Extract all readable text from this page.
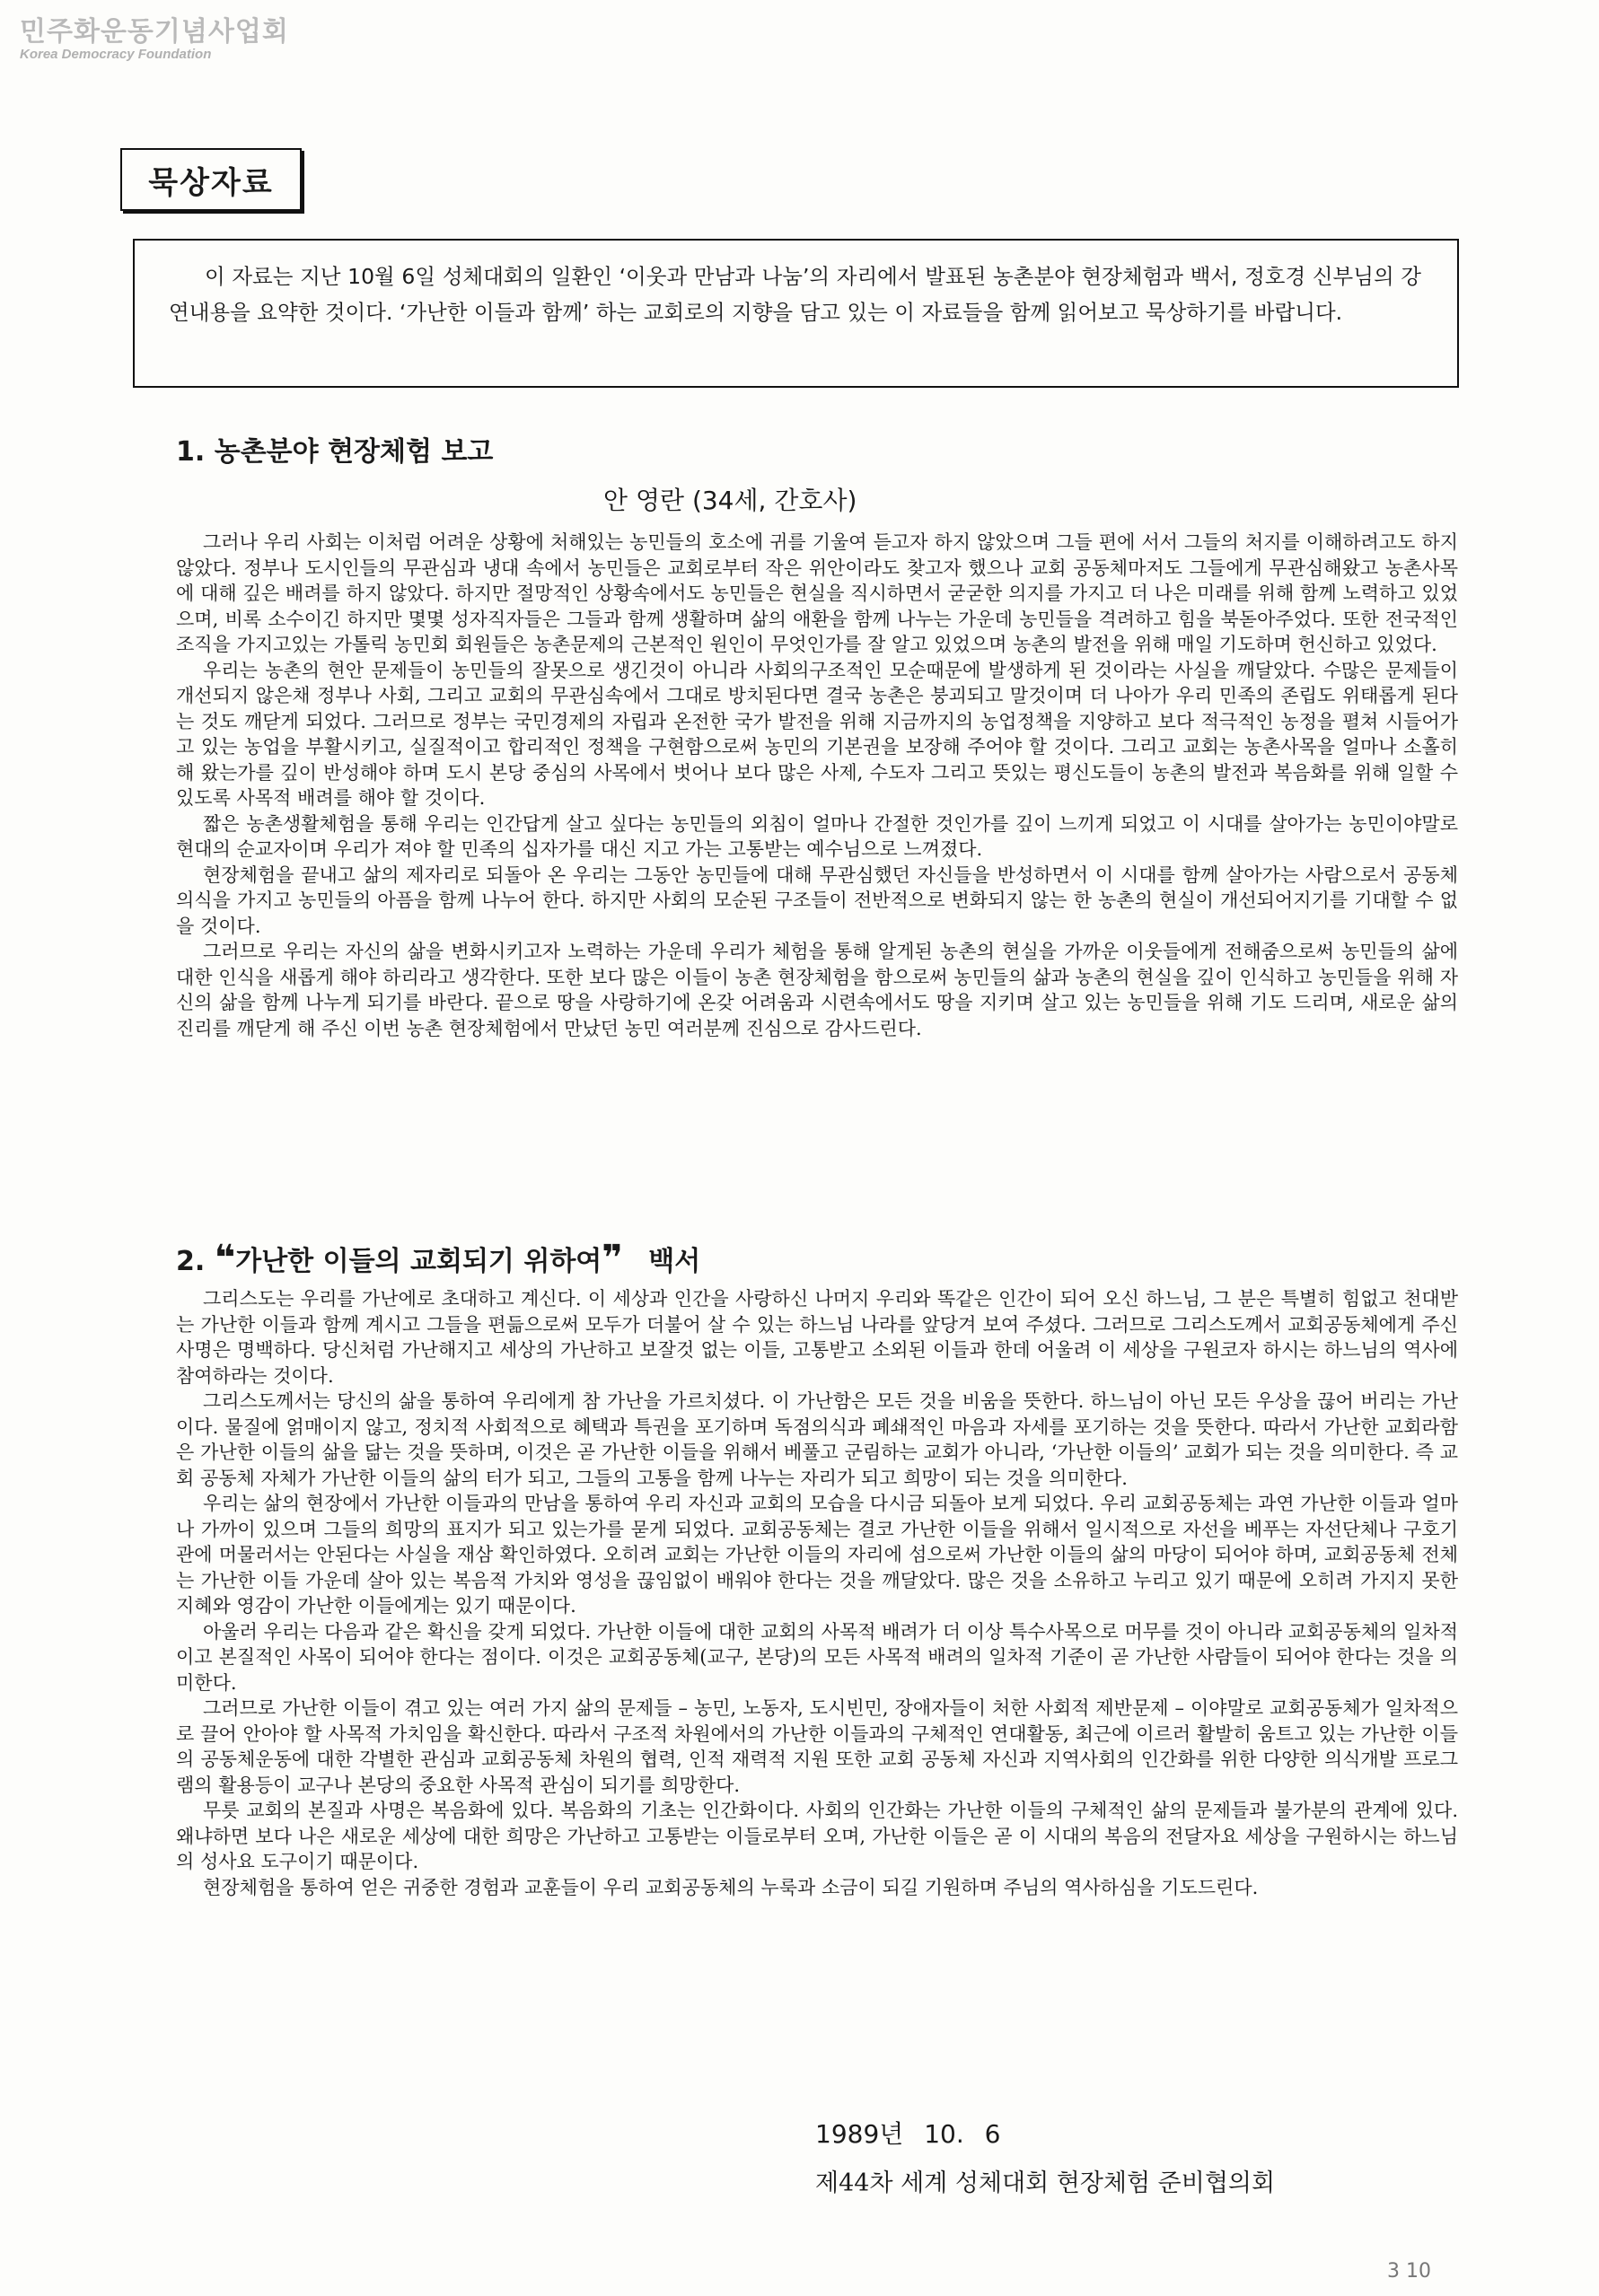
민주화운동기념사업회
Korea Democracy Foundation
묵상자료
이 자료는 지난 10월 6일 성체대회의 일환인 ‘이웃과 만남과 나눔’의 자리에서 발표된 농촌분야 현장체험과 백서, 정호경 신부님의 강연내용을 요약한 것이다. ‘가난한 이들과 함께’ 하는 교회로의 지향을 담고 있는 이 자료들을 함께 읽어보고 묵상하기를 바랍니다.
1. 농촌분야 현장체험 보고
안 영란 (34세, 간호사)

그러나 우리 사회는 이처럼 어려운 상황에 처해있는 농민들의 호소에 귀를 기울여 듣고자 하지 않았으며 그들 편에 서서 그들의 처지를 이해하려고도 하지 않았다. 정부나 도시인들의 무관심과 냉대 속에서 농민들은 교회로부터 작은 위안이라도 찾고자 했으나 교회 공동체마저도 그들에게 무관심해왔고 농촌사목에 대해 깊은 배려를 하지 않았다. 하지만 절망적인 상황속에서도 농민들은 현실을 직시하면서 굳굳한 의지를 가지고 더 나은 미래를 위해 함께 노력하고 있었으며, 비록 소수이긴 하지만 몇몇 성자직자들은 그들과 함께 생활하며 삶의 애환을 함께 나누는 가운데 농민들을 격려하고 힘을 북돋아주었다. 또한 전국적인 조직을 가지고있는 가톨릭 농민회 회원들은 농촌문제의 근본적인 원인이 무엇인가를 잘 알고 있었으며 농촌의 발전을 위해 매일 기도하며 헌신하고 있었다.

우리는 농촌의 현안 문제들이 농민들의 잘못으로 생긴것이 아니라 사회의구조적인 모순때문에 발생하게 된 것이라는 사실을 깨달았다. 수많은 문제들이 개선되지 않은채 정부나 사회, 그리고 교회의 무관심속에서 그대로 방치된다면 결국 농촌은 붕괴되고 말것이며 더 나아가 우리 민족의 존립도 위태롭게 된다는 것도 깨닫게 되었다. 그러므로 정부는 국민경제의 자립과 온전한 국가 발전을 위해 지금까지의 농업정책을 지양하고 보다 적극적인 농정을 펼쳐 시들어가고 있는 농업을 부활시키고, 실질적이고 합리적인 정책을 구현함으로써 농민의 기본권을 보장해 주어야 할 것이다. 그리고 교회는 농촌사목을 얼마나 소홀히 해 왔는가를 깊이 반성해야 하며 도시 본당 중심의 사목에서 벗어나 보다 많은 사제, 수도자 그리고 뜻있는 평신도들이 농촌의 발전과 복음화를 위해 일할 수 있도록 사목적 배려를 해야 할 것이다.

짧은 농촌생활체험을 통해 우리는 인간답게 살고 싶다는 농민들의 외침이 얼마나 간절한 것인가를 깊이 느끼게 되었고 이 시대를 살아가는 농민이야말로 현대의 순교자이며 우리가 져야 할 민족의 십자가를 대신 지고 가는 고통받는 예수님으로 느껴졌다.

현장체험을 끝내고 삶의 제자리로 되돌아 온 우리는 그동안 농민들에 대해 무관심했던 자신들을 반성하면서 이 시대를 함께 살아가는 사람으로서 공동체 의식을 가지고 농민들의 아픔을 함께 나누어 한다. 하지만 사회의 모순된 구조들이 전반적으로 변화되지 않는 한 농촌의 현실이 개선되어지기를 기대할 수 없을 것이다.

그러므로 우리는 자신의 삶을 변화시키고자 노력하는 가운데 우리가 체험을 통해 알게된 농촌의 현실을 가까운 이웃들에게 전해줌으로써 농민들의 삶에 대한 인식을 새롭게 해야 하리라고 생각한다. 또한 보다 많은 이들이 농촌 현장체험을 함으로써 농민들의 삶과 농촌의 현실을 깊이 인식하고 농민들을 위해 자신의 삶을 함께 나누게 되기를 바란다. 끝으로 땅을 사랑하기에 온갖 어려움과 시련속에서도 땅을 지키며 살고 있는 농민들을 위해 기도 드리며, 새로운 삶의 진리를 깨닫게 해 주신 이번 농촌 현장체험에서 만났던 농민 여러분께 진심으로 감사드린다.

2. ❝가난한 이들의 교회되기 위하여❞ 백서

그리스도는 우리를 가난에로 초대하고 계신다. 이 세상과 인간을 사랑하신 나머지 우리와 똑같은 인간이 되어 오신 하느님, 그 분은 특별히 힘없고 천대받는 가난한 이들과 함께 계시고 그들을 편듦으로써 모두가 더불어 살 수 있는 하느님 나라를 앞당겨 보여 주셨다. 그러므로 그리스도께서 교회공동체에게 주신 사명은 명백하다. 당신처럼 가난해지고 세상의 가난하고 보잘것 없는 이들, 고통받고 소외된 이들과 한데 어울려 이 세상을 구원코자 하시는 하느님의 역사에 참여하라는 것이다.

그리스도께서는 당신의 삶을 통하여 우리에게 참 가난을 가르치셨다. 이 가난함은 모든 것을 비움을 뜻한다. 하느님이 아닌 모든 우상을 끊어 버리는 가난이다. 물질에 얽매이지 않고, 정치적 사회적으로 혜택과 특권을 포기하며 독점의식과 폐쇄적인 마음과 자세를 포기하는 것을 뜻한다. 따라서 가난한 교회라함은 가난한 이들의 삶을 닮는 것을 뜻하며, 이것은 곧 가난한 이들을 위해서 베풀고 군림하는 교회가 아니라, ‘가난한 이들의’ 교회가 되는 것을 의미한다. 즉 교회 공동체 자체가 가난한 이들의 삶의 터가 되고, 그들의 고통을 함께 나누는 자리가 되고 희망이 되는 것을 의미한다.

우리는 삶의 현장에서 가난한 이들과의 만남을 통하여 우리 자신과 교회의 모습을 다시금 되돌아 보게 되었다. 우리 교회공동체는 과연 가난한 이들과 얼마나 가까이 있으며 그들의 희망의 표지가 되고 있는가를 묻게 되었다. 교회공동체는 결코 가난한 이들을 위해서 일시적으로 자선을 베푸는 자선단체나 구호기관에 머물러서는 안된다는 사실을 재삼 확인하였다. 오히려 교회는 가난한 이들의 자리에 섬으로써 가난한 이들의 삶의 마당이 되어야 하며, 교회공동체 전체는 가난한 이들 가운데 살아 있는 복음적 가치와 영성을 끊임없이 배워야 한다는 것을 깨달았다. 많은 것을 소유하고 누리고 있기 때문에 오히려 가지지 못한 지혜와 영감이 가난한 이들에게는 있기 때문이다.

아울러 우리는 다음과 같은 확신을 갖게 되었다. 가난한 이들에 대한 교회의 사목적 배려가 더 이상 특수사목으로 머무를 것이 아니라 교회공동체의 일차적이고 본질적인 사목이 되어야 한다는 점이다. 이것은 교회공동체(교구, 본당)의 모든 사목적 배려의 일차적 기준이 곧 가난한 사람들이 되어야 한다는 것을 의미한다.

그러므로 가난한 이들이 겪고 있는 여러 가지 삶의 문제들 – 농민, 노동자, 도시빈민, 장애자들이 처한 사회적 제반문제 – 이야말로 교회공동체가 일차적으로 끌어 안아야 할 사목적 가치임을 확신한다. 따라서 구조적 차원에서의 가난한 이들과의 구체적인 연대활동, 최근에 이르러 활발히 움트고 있는 가난한 이들의 공동체운동에 대한 각별한 관심과 교회공동체 차원의 협력, 인적 재력적 지원 또한 교회 공동체 자신과 지역사회의 인간화를 위한 다양한 의식개발 프로그램의 활용등이 교구나 본당의 중요한 사목적 관심이 되기를 희망한다.

무릇 교회의 본질과 사명은 복음화에 있다. 복음화의 기초는 인간화이다. 사회의 인간화는 가난한 이들의 구체적인 삶의 문제들과 불가분의 관계에 있다. 왜냐하면 보다 나은 새로운 세상에 대한 희망은 가난하고 고통받는 이들로부터 오며, 가난한 이들은 곧 이 시대의 복음의 전달자요 세상을 구원하시는 하느님의 성사요 도구이기 때문이다.

현장체험을 통하여 얻은 귀중한 경험과 교훈들이 우리 교회공동체의 누룩과 소금이 되길 기원하며 주님의 역사하심을 기도드린다.

1989년 10. 6
제44차 세계 성체대회 현장체험 준비협의회
3 10
